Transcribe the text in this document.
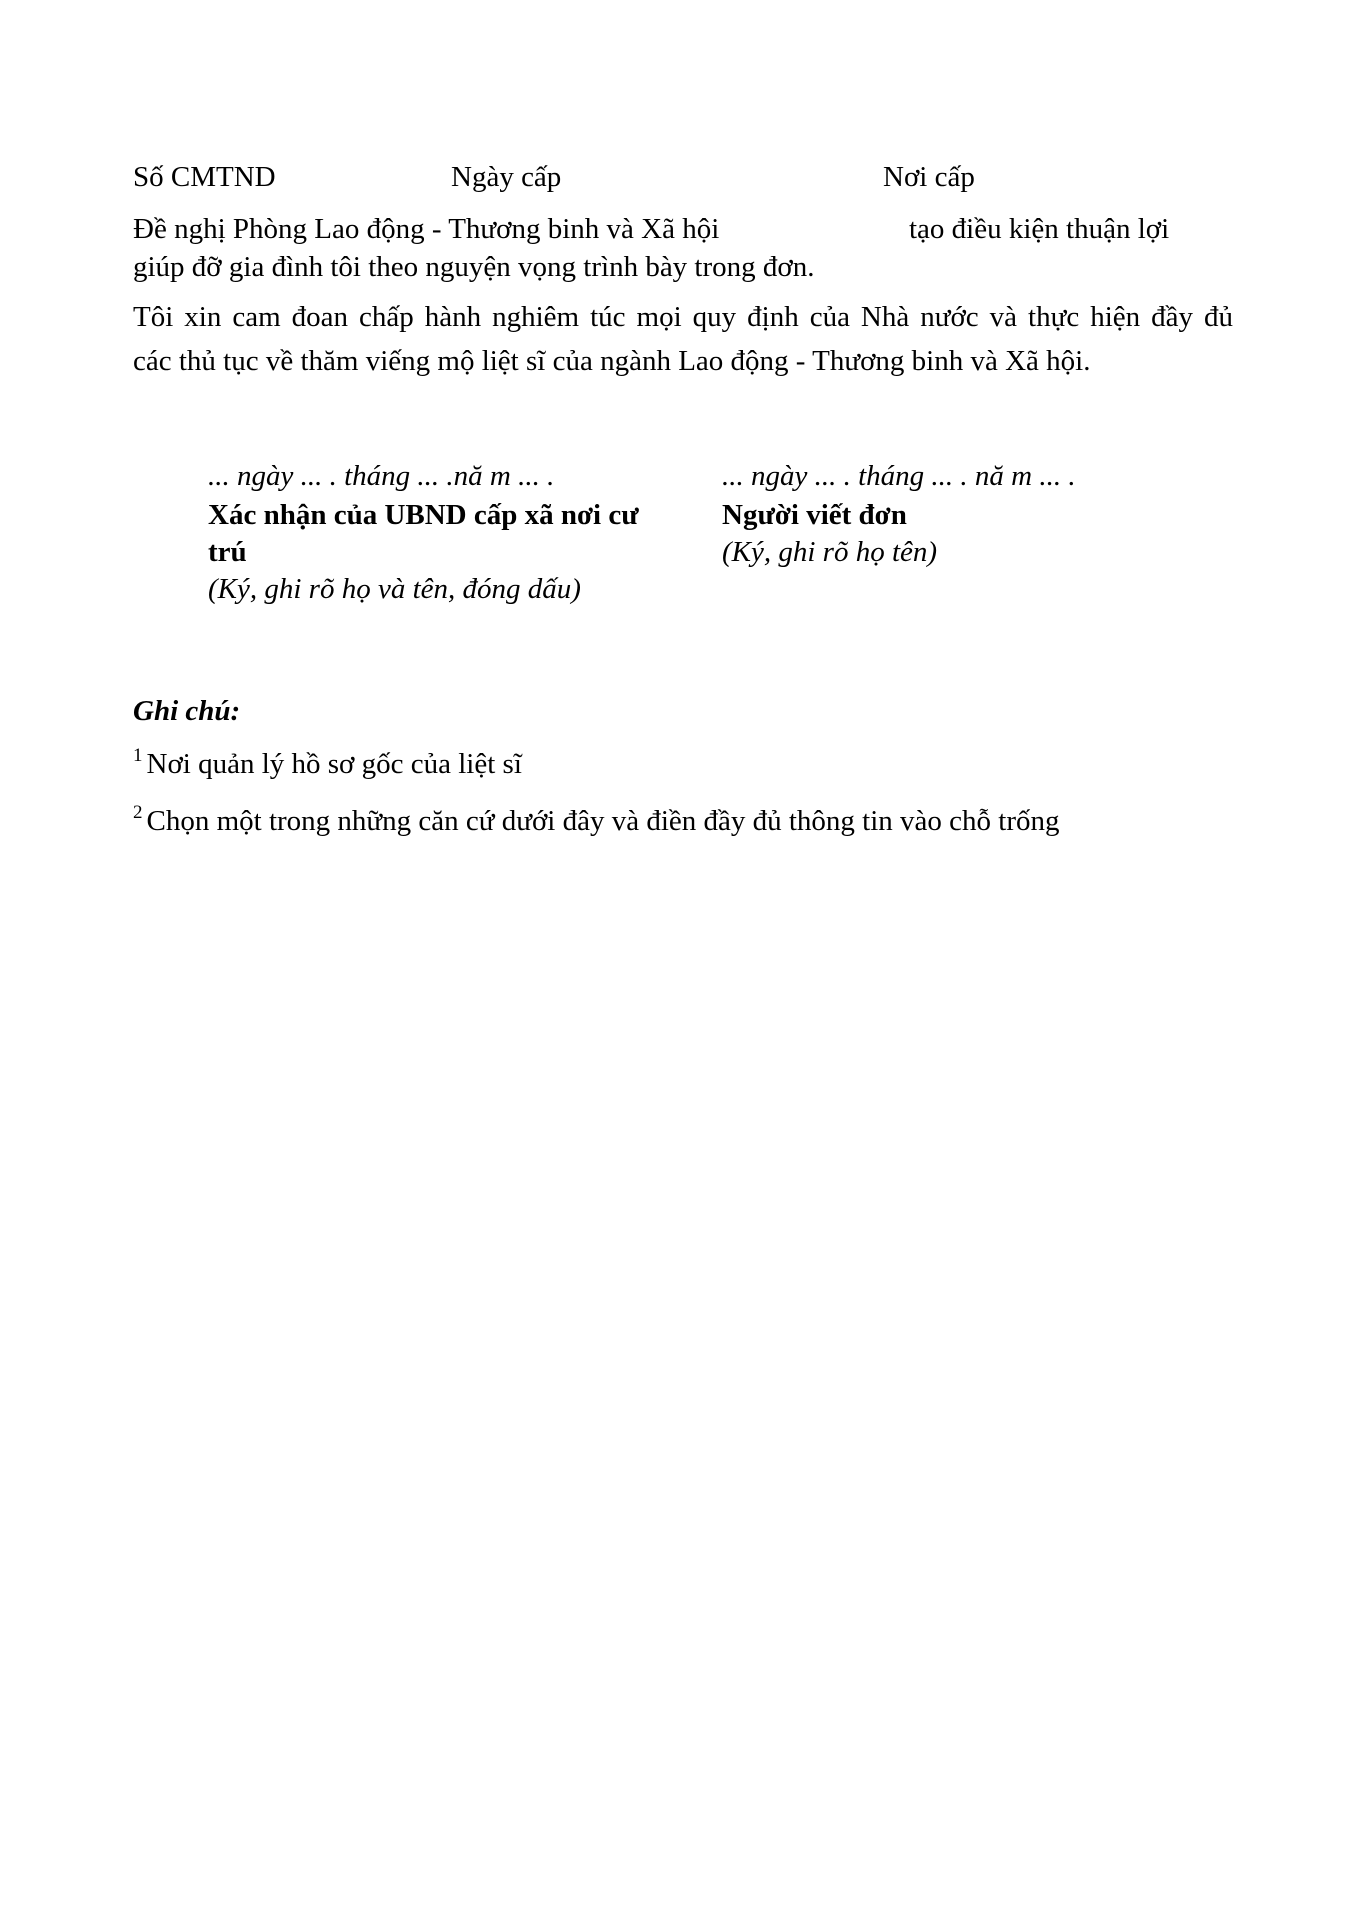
Số CMTND	Ngày cấp	Nơi cấp
Đề nghị Phòng Lao động - Thương binh và Xã hội	tạo điều kiện thuận lợi
giúp đỡ gia đình tôi theo nguyện vọng trình bày trong đơn.
Tôi xin cam đoan chấp hành nghiêm túc mọi quy định của Nhà nước và thực hiện đầy đủ
các thủ tục về thăm viếng mộ liệt sĩ của ngành Lao động - Thương binh và Xã hội.
... ngày ... . tháng ... .nă m ... .
Xác nhận của UBND cấp xã nơi cư
trú
(Ký, ghi rõ họ và tên, đóng dấu)
... ngày ... . tháng ... . nă m ... .
Người viết đơn
(Ký, ghi rõ họ tên)
Ghi chú:
$^1$ Nơi quản lý hồ sơ gốc của liệt sĩ
$^2$ Chọn một trong những căn cứ dưới đây và điền đầy đủ thông tin vào chỗ trống
